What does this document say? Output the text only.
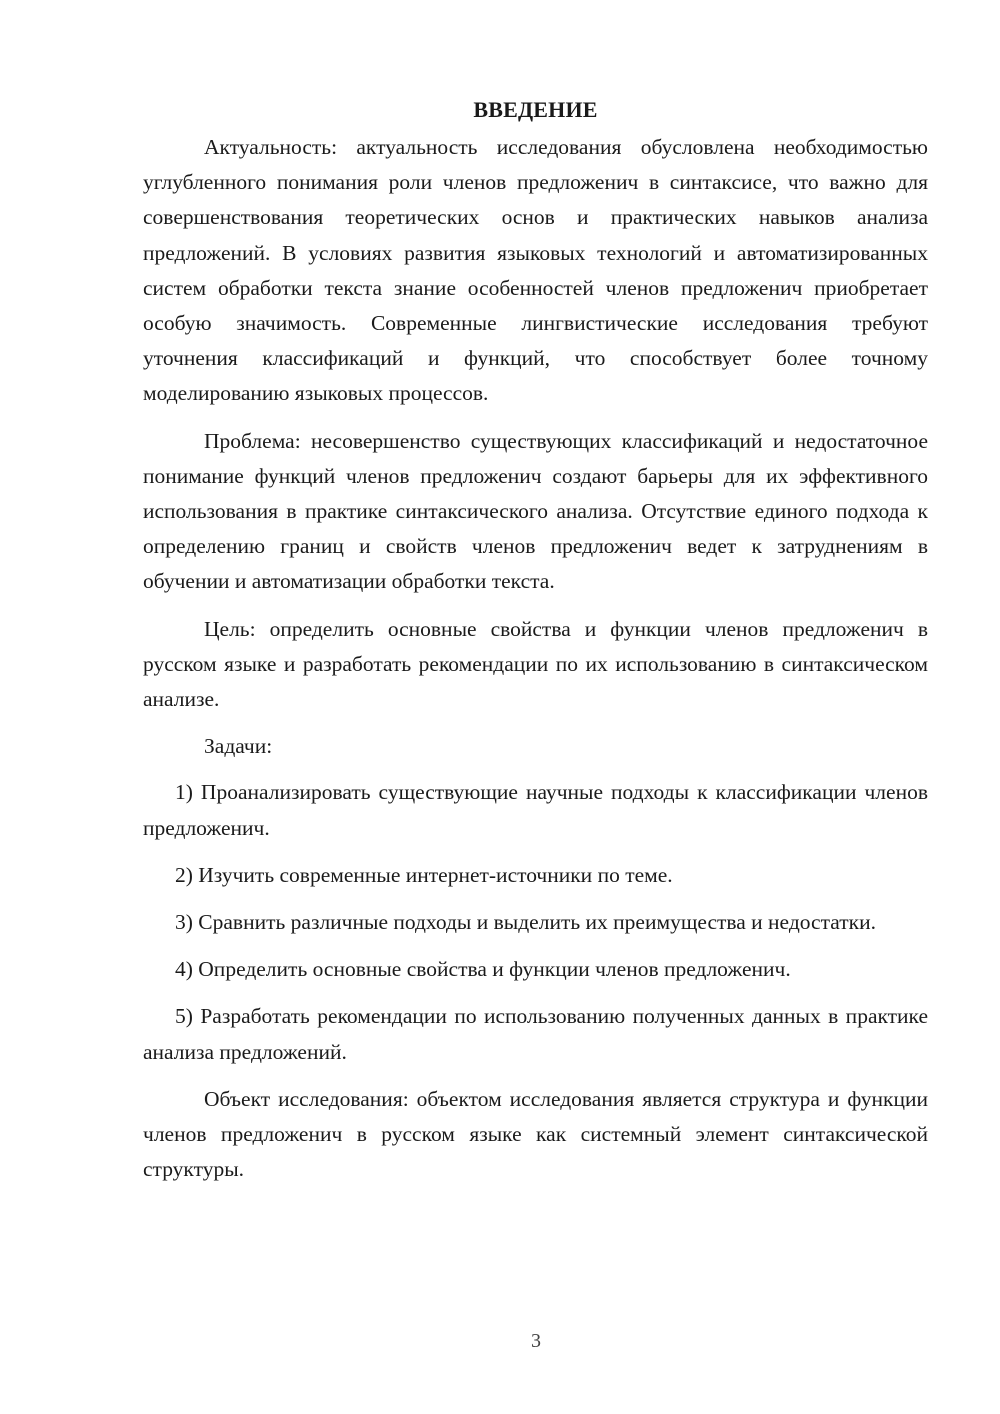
ВВЕДЕНИЕ

Актуальность: актуальность исследования обусловлена необходимостью углубленного понимания роли членов предложенич в синтаксисе, что важно для совершенствования теоретических основ и практических навыков анализа предложений. В условиях развития языковых технологий и автоматизированных систем обработки текста знание особенностей членов предложенич приобретает особую значимость. Современные лингвистические исследования требуют уточнения классификаций и функций, что способствует более точному моделированию языковых процессов.

Проблема: несовершенство существующих классификаций и недостаточное понимание функций членов предложенич создают барьеры для их эффективного использования в практике синтаксического анализа. Отсутствие единого подхода к определению границ и свойств членов предложенич ведет к затруднениям в обучении и автоматизации обработки текста.

Цель: определить основные свойства и функции членов предложенич в русском языке и разработать рекомендации по их использованию в синтаксическом анализе.

Задачи:

1) Проанализировать существующие научные подходы к классификации членов предложенич.

2) Изучить современные интернет-источники по теме.

3) Сравнить различные подходы и выделить их преимущества и недостатки.

4) Определить основные свойства и функции членов предложенич.

5) Разработать рекомендации по использованию полученных данных в практике анализа предложений.

Объект исследования: объектом исследования является структура и функции членов предложенич в русском языке как системный элемент синтаксической структуры.

3
